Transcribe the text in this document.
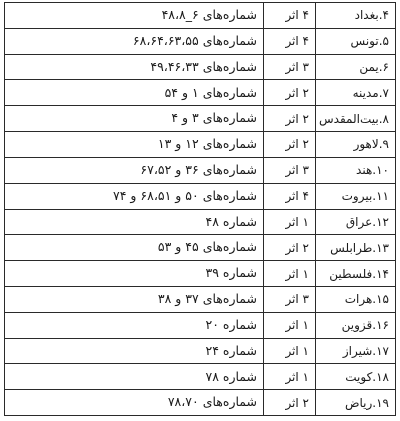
۴.بغداد	۴ اثر	شماره‌های ۶_۴۸،۸
۵.تونس	۴ اثر	شماره‌های ۶۸،۶۴،۶۳،۵۵
۶.یمن	۳ اثر	شماره‌های ۴۹،۴۶،۳۳
۷.مدینه	۲ اثر	شماره‌های ۱ و ۵۴
۸.بیت‌المقدس	۲ اثر	شماره‌های ۳ و ۴
۹.لاهور	۲ اثر	شماره‌های ۱۲ و ۱۳
۱۰.هند	۳ اثر	شماره‌های ۳۶ و ۶۷،۵۲
۱۱.بیروت	۴ اثر	شماره‌های ۵۰ و ۶۸،۵۱ و ۷۴
۱۲.عراق	۱ اثر	شماره ۴۸
۱۳.طرابلس	۲ اثر	شماره‌های ۴۵ و ۵۳
۱۴.فلسطین	۱ اثر	شماره ۳۹
۱۵.هرات	۳ اثر	شماره‌های ۳۷ و ۳۸
۱۶.قزوین	۱ اثر	شماره ۲۰
۱۷.شیراز	۱ اثر	شماره ۲۴
۱۸.کویت	۱ اثر	شماره ۷۸
۱۹.ریاض	۲ اثر	شماره‌های ۷۸،۷۰
